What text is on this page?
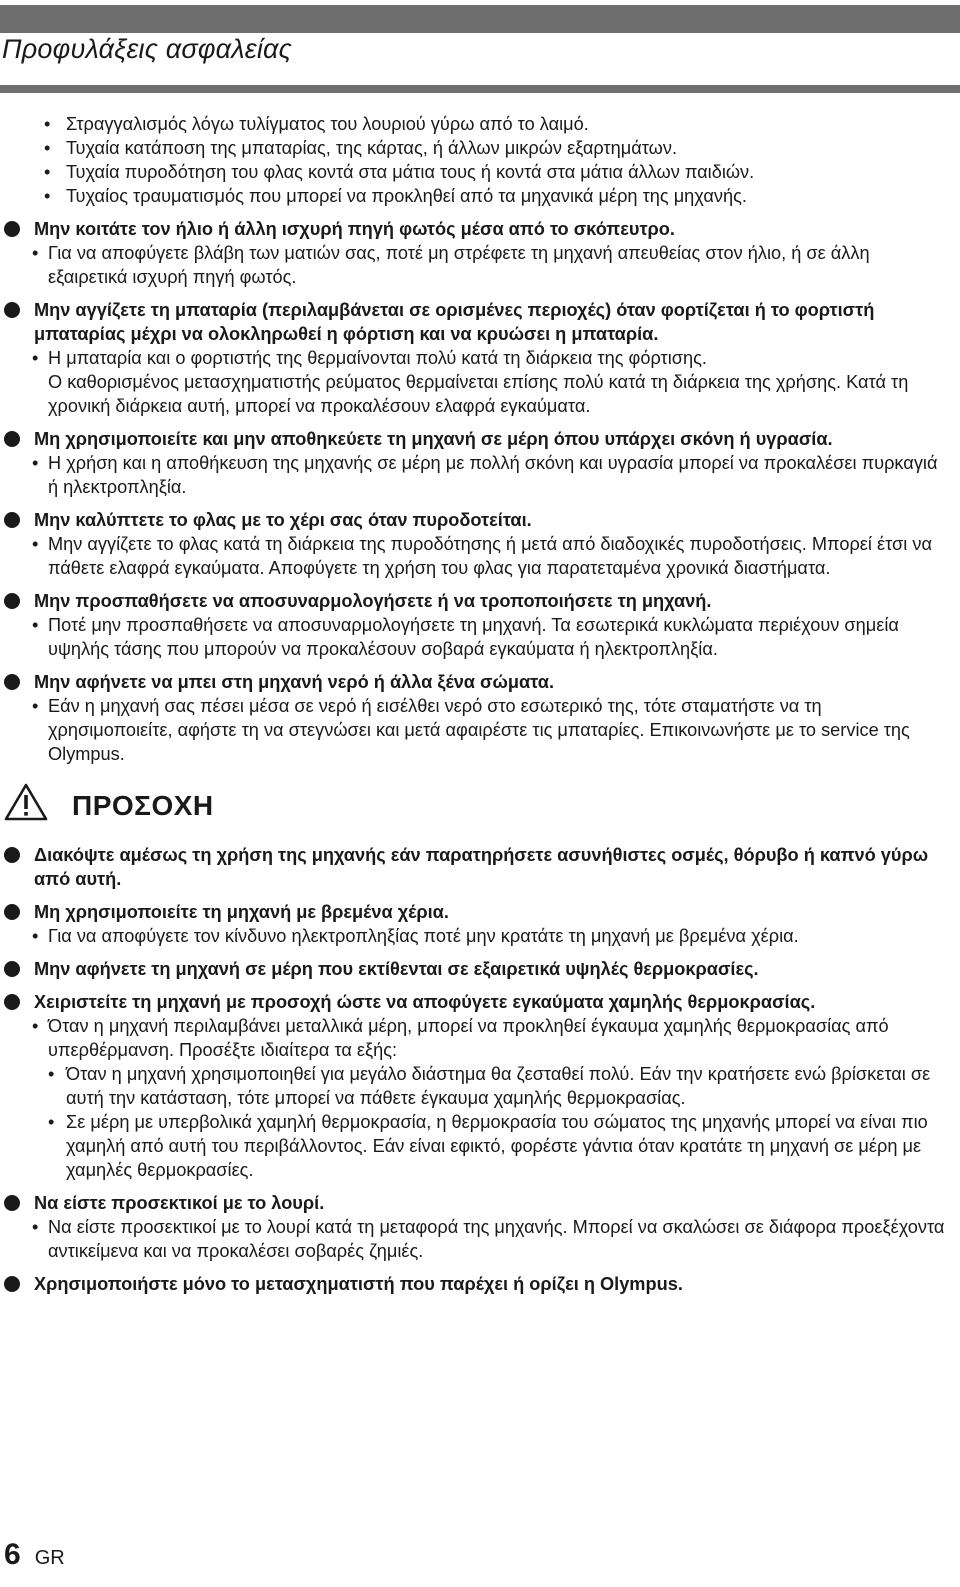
Προφυλάξεις ασφαλείας

• Στραγγαλισμός λόγω τυλίγματος του λουριού γύρω από το λαιμό.

• Τυχαία κατάποση της μπαταρίας, της κάρτας, ή άλλων μικρών εξαρτημάτων.

• Τυχαία πυροδότηση του φλας κοντά στα μάτια τους ή κοντά στα μάτια άλλων παιδιών.

• Τυχαίος τραυματισμός που μπορεί να προκληθεί από τα μηχανικά μέρη της μηχανής.

Μην κοιτάτε τον ήλιο ή άλλη ισχυρή πηγή φωτός μέσα από το σκόπευτρο.

• Για να αποφύγετε βλάβη των ματιών σας, ποτέ μη στρέφετε τη μηχανή απευθείας στον ήλιο, ή σε άλλη εξαιρετικά ισχυρή πηγή φωτός.

Μην αγγίζετε τη μπαταρία (περιλαμβάνεται σε ορισμένες περιοχές) όταν φορτίζεται ή το φορτιστή μπαταρίας μέχρι να ολοκληρωθεί η φόρτιση και να κρυώσει η μπαταρία.

• Η μπαταρία και ο φορτιστής της θερμαίνονται πολύ κατά τη διάρκεια της φόρτισης.

Ο καθορισμένος μετασχηματιστής ρεύματος θερμαίνεται επίσης πολύ κατά τη διάρκεια της χρήσης. Κατά τη χρονική διάρκεια αυτή, μπορεί να προκαλέσουν ελαφρά εγκαύματα.

Μη χρησιμοποιείτε και μην αποθηκεύετε τη μηχανή σε μέρη όπου υπάρχει σκόνη ή υγρασία.

• Η χρήση και η αποθήκευση της μηχανής σε μέρη με πολλή σκόνη και υγρασία μπορεί να προκαλέσει πυρκαγιά ή ηλεκτροπληξία.

Μην καλύπτετε το φλας με το χέρι σας όταν πυροδοτείται.

• Μην αγγίζετε το φλας κατά τη διάρκεια της πυροδότησης ή μετά από διαδοχικές πυροδοτήσεις. Μπορεί έτσι να πάθετε ελαφρά εγκαύματα. Αποφύγετε τη χρήση του φλας για παρατεταμένα χρονικά διαστήματα.

Μην προσπαθήσετε να αποσυναρμολογήσετε ή να τροποποιήσετε τη μηχανή.

• Ποτέ μην προσπαθήσετε να αποσυναρμολογήσετε τη μηχανή. Τα εσωτερικά κυκλώματα περιέχουν σημεία υψηλής τάσης που μπορούν να προκαλέσουν σοβαρά εγκαύματα ή ηλεκτροπληξία.

Μην αφήνετε να μπει στη μηχανή νερό ή άλλα ξένα σώματα.

• Εάν η μηχανή σας πέσει μέσα σε νερό ή εισέλθει νερό στο εσωτερικό της, τότε σταματήστε να τη χρησιμοποιείτε, αφήστε τη να στεγνώσει και μετά αφαιρέστε τις μπαταρίες. Επικοινωνήστε με το service της Olympus.

ΠΡΟΣΟΧΗ

Διακόψτε αμέσως τη χρήση της μηχανής εάν παρατηρήσετε ασυνήθιστες οσμές, θόρυβο ή καπνό γύρω από αυτή.

Μη χρησιμοποιείτε τη μηχανή με βρεμένα χέρια.

• Για να αποφύγετε τον κίνδυνο ηλεκτροπληξίας ποτέ μην κρατάτε τη μηχανή με βρεμένα χέρια.

Μην αφήνετε τη μηχανή σε μέρη που εκτίθενται σε εξαιρετικά υψηλές θερμοκρασίες.

Χειριστείτε τη μηχανή με προσοχή ώστε να αποφύγετε εγκαύματα χαμηλής θερμοκρασίας.

• Όταν η μηχανή περιλαμβάνει μεταλλικά μέρη, μπορεί να προκληθεί έγκαυμα χαμηλής θερμοκρασίας από υπερθέρμανση. Προσέξτε ιδιαίτερα τα εξής:

• Όταν η μηχανή χρησιμοποιηθεί για μεγάλο διάστημα θα ζεσταθεί πολύ. Εάν την κρατήσετε ενώ βρίσκεται σε αυτή την κατάσταση, τότε μπορεί να πάθετε έγκαυμα χαμηλής θερμοκρασίας.

• Σε μέρη με υπερβολικά χαμηλή θερμοκρασία, η θερμοκρασία του σώματος της μηχανής μπορεί να είναι πιο χαμηλή από αυτή του περιβάλλοντος. Εάν είναι εφικτό, φορέστε γάντια όταν κρατάτε τη μηχανή σε μέρη με χαμηλές θερμοκρασίες.

Να είστε προσεκτικοί με το λουρί.

• Να είστε προσεκτικοί με το λουρί κατά τη μεταφορά της μηχανής. Μπορεί να σκαλώσει σε διάφορα προεξέχοντα αντικείμενα και να προκαλέσει σοβαρές ζημιές.

Χρησιμοποιήστε μόνο το μετασχηματιστή που παρέχει ή ορίζει η Olympus.

6 GR
